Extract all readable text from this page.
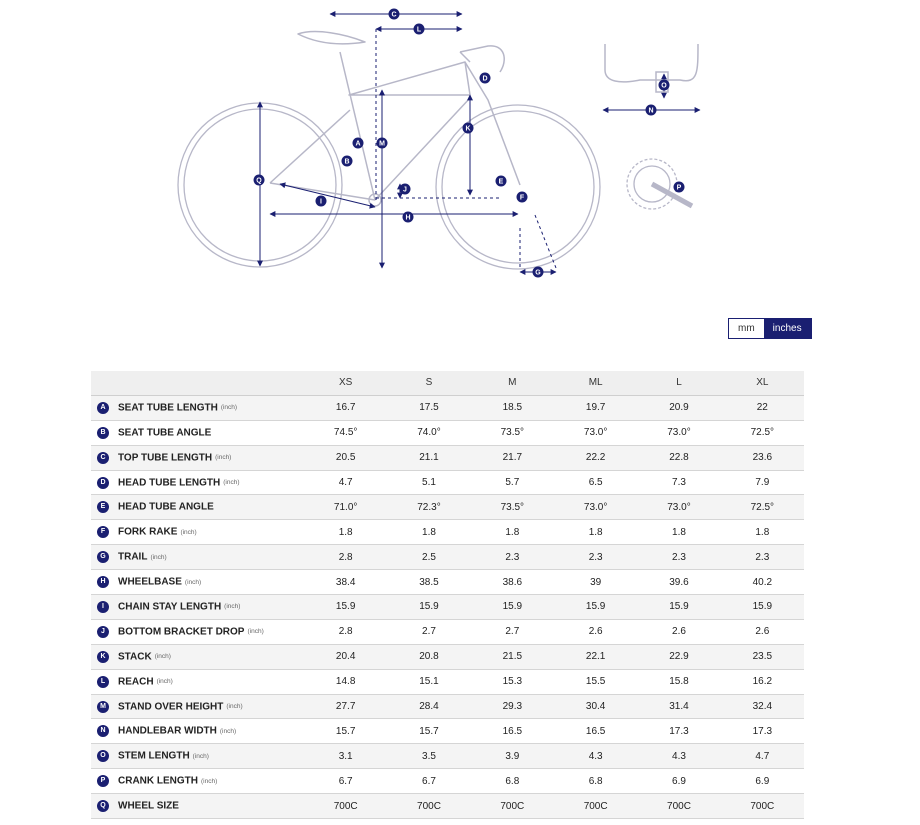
A
B
C
D
E
F
G
H
I
J
K
L
M
N
O
P
Q
mm	inches
	XS	S	M	ML	L	XL
A SEAT TUBE LENGTH (inch)	16.7	17.5	18.5	19.7	20.9	22
B SEAT TUBE ANGLE	74.5°	74.0°	73.5°	73.0°	73.0°	72.5°
C TOP TUBE LENGTH (inch)	20.5	21.1	21.7	22.2	22.8	23.6
D HEAD TUBE LENGTH (inch)	4.7	5.1	5.7	6.5	7.3	7.9
E HEAD TUBE ANGLE	71.0°	72.3°	73.5°	73.0°	73.0°	72.5°
F FORK RAKE (inch)	1.8	1.8	1.8	1.8	1.8	1.8
G TRAIL (inch)	2.8	2.5	2.3	2.3	2.3	2.3
H WHEELBASE (inch)	38.4	38.5	38.6	39	39.6	40.2
I CHAIN STAY LENGTH (inch)	15.9	15.9	15.9	15.9	15.9	15.9
J BOTTOM BRACKET DROP (inch)	2.8	2.7	2.7	2.6	2.6	2.6
K STACK (inch)	20.4	20.8	21.5	22.1	22.9	23.5
L REACH (inch)	14.8	15.1	15.3	15.5	15.8	16.2
M STAND OVER HEIGHT (inch)	27.7	28.4	29.3	30.4	31.4	32.4
N HANDLEBAR WIDTH (inch)	15.7	15.7	16.5	16.5	17.3	17.3
O STEM LENGTH (inch)	3.1	3.5	3.9	4.3	4.3	4.7
P CRANK LENGTH (inch)	6.7	6.7	6.8	6.8	6.9	6.9
Q WHEEL SIZE	700C	700C	700C	700C	700C	700C
